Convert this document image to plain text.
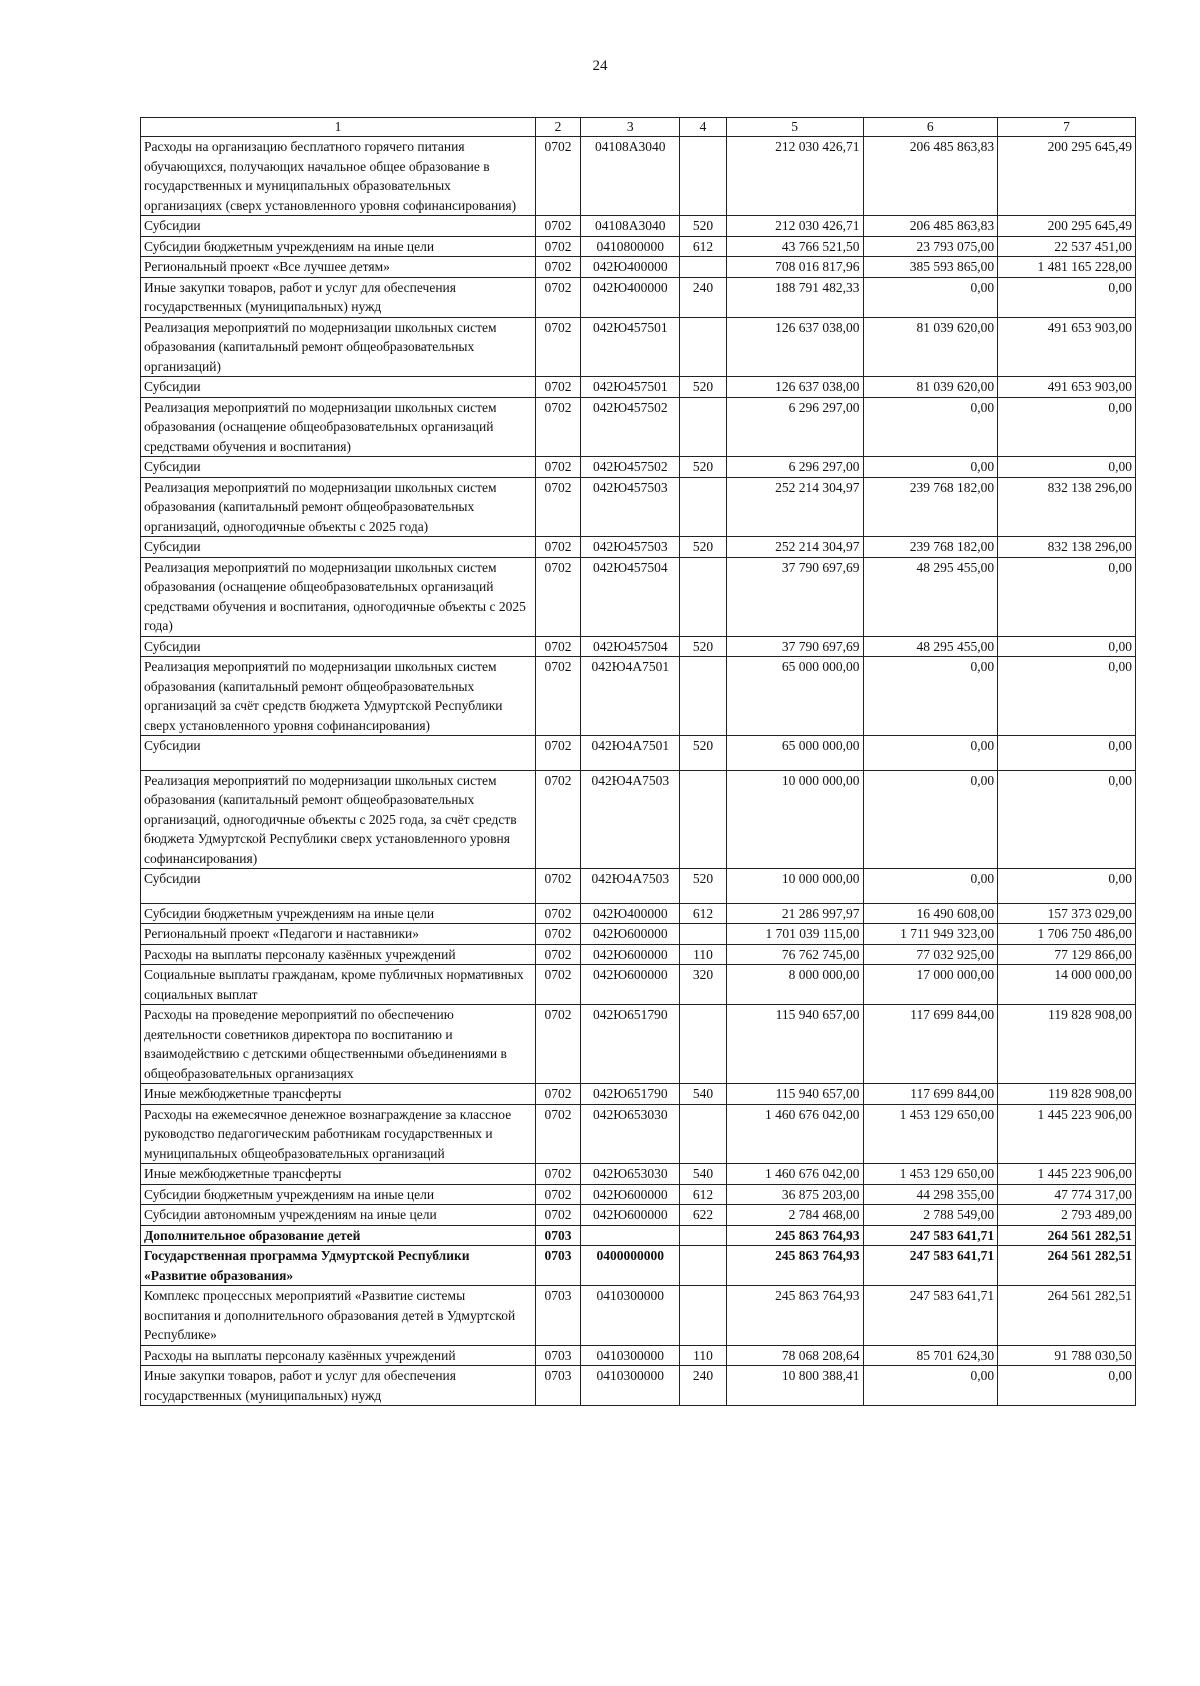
24
1	2	3	4	5	6	7
Расходы на организацию бесплатного горячего питания обучающихся, получающих начальное общее образование в государственных и муниципальных образовательных организациях (сверх установленного уровня софинансирования)	0702	04108А3040		212 030 426,71	206 485 863,83	200 295 645,49
Субсидии	0702	04108А3040	520	212 030 426,71	206 485 863,83	200 295 645,49
Субсидии бюджетным учреждениям на иные цели	0702	0410800000	612	43 766 521,50	23 793 075,00	22 537 451,00
Региональный проект «Все лучшее детям»	0702	042Ю400000		708 016 817,96	385 593 865,00	1 481 165 228,00
Иные закупки товаров, работ и услуг для обеспечения государственных (муниципальных) нужд	0702	042Ю400000	240	188 791 482,33	0,00	0,00
Реализация мероприятий по модернизации школьных систем образования (капитальный ремонт общеобразовательных организаций)	0702	042Ю457501		126 637 038,00	81 039 620,00	491 653 903,00
Субсидии	0702	042Ю457501	520	126 637 038,00	81 039 620,00	491 653 903,00
Реализация мероприятий по модернизации школьных систем образования (оснащение общеобразовательных организаций средствами обучения и воспитания)	0702	042Ю457502		6 296 297,00	0,00	0,00
Субсидии	0702	042Ю457502	520	6 296 297,00	0,00	0,00
Реализация мероприятий по модернизации школьных систем образования (капитальный ремонт общеобразовательных организаций, одногодичные объекты с 2025 года)	0702	042Ю457503		252 214 304,97	239 768 182,00	832 138 296,00
Субсидии	0702	042Ю457503	520	252 214 304,97	239 768 182,00	832 138 296,00
Реализация мероприятий по модернизации школьных систем образования (оснащение общеобразовательных организаций средствами обучения и воспитания, одногодичные объекты с 2025 года)	0702	042Ю457504		37 790 697,69	48 295 455,00	0,00
Субсидии	0702	042Ю457504	520	37 790 697,69	48 295 455,00	0,00
Реализация мероприятий по модернизации школьных систем образования (капитальный ремонт общеобразовательных организаций за счёт средств бюджета Удмуртской Республики сверх установленного уровня софинансирования)	0702	042Ю4А7501		65 000 000,00	0,00	0,00
Субсидии	0702	042Ю4А7501	520	65 000 000,00	0,00	0,00
Реализация мероприятий по модернизации школьных систем образования (капитальный ремонт общеобразовательных организаций, одногодичные объекты с 2025 года, за счёт средств бюджета Удмуртской Республики сверх установленного уровня софинансирования)	0702	042Ю4А7503		10 000 000,00	0,00	0,00
Субсидии	0702	042Ю4А7503	520	10 000 000,00	0,00	0,00
Субсидии бюджетным учреждениям на иные цели	0702	042Ю400000	612	21 286 997,97	16 490 608,00	157 373 029,00
Региональный проект «Педагоги и наставники»	0702	042Ю600000		1 701 039 115,00	1 711 949 323,00	1 706 750 486,00
Расходы на выплаты персоналу казённых учреждений	0702	042Ю600000	110	76 762 745,00	77 032 925,00	77 129 866,00
Социальные выплаты гражданам, кроме публичных нормативных социальных выплат	0702	042Ю600000	320	8 000 000,00	17 000 000,00	14 000 000,00
Расходы на проведение мероприятий по обеспечению деятельности советников директора по воспитанию и взаимодействию с детскими общественными объединениями в общеобразовательных организациях	0702	042Ю651790		115 940 657,00	117 699 844,00	119 828 908,00
Иные межбюджетные трансферты	0702	042Ю651790	540	115 940 657,00	117 699 844,00	119 828 908,00
Расходы на ежемесячное денежное вознаграждение за классное руководство педагогическим работникам государственных и муниципальных общеобразовательных организаций	0702	042Ю653030		1 460 676 042,00	1 453 129 650,00	1 445 223 906,00
Иные межбюджетные трансферты	0702	042Ю653030	540	1 460 676 042,00	1 453 129 650,00	1 445 223 906,00
Субсидии бюджетным учреждениям на иные цели	0702	042Ю600000	612	36 875 203,00	44 298 355,00	47 774 317,00
Субсидии автономным учреждениям на иные цели	0702	042Ю600000	622	2 784 468,00	2 788 549,00	2 793 489,00
Дополнительное образование детей	0703			245 863 764,93	247 583 641,71	264 561 282,51
Государственная программа Удмуртской Республики «Развитие образования»	0703	0400000000		245 863 764,93	247 583 641,71	264 561 282,51
Комплекс процессных мероприятий «Развитие системы воспитания и дополнительного образования детей в Удмуртской Республике»	0703	0410300000		245 863 764,93	247 583 641,71	264 561 282,51
Расходы на выплаты персоналу казённых учреждений	0703	0410300000	110	78 068 208,64	85 701 624,30	91 788 030,50
Иные закупки товаров, работ и услуг для обеспечения государственных (муниципальных) нужд	0703	0410300000	240	10 800 388,41	0,00	0,00
